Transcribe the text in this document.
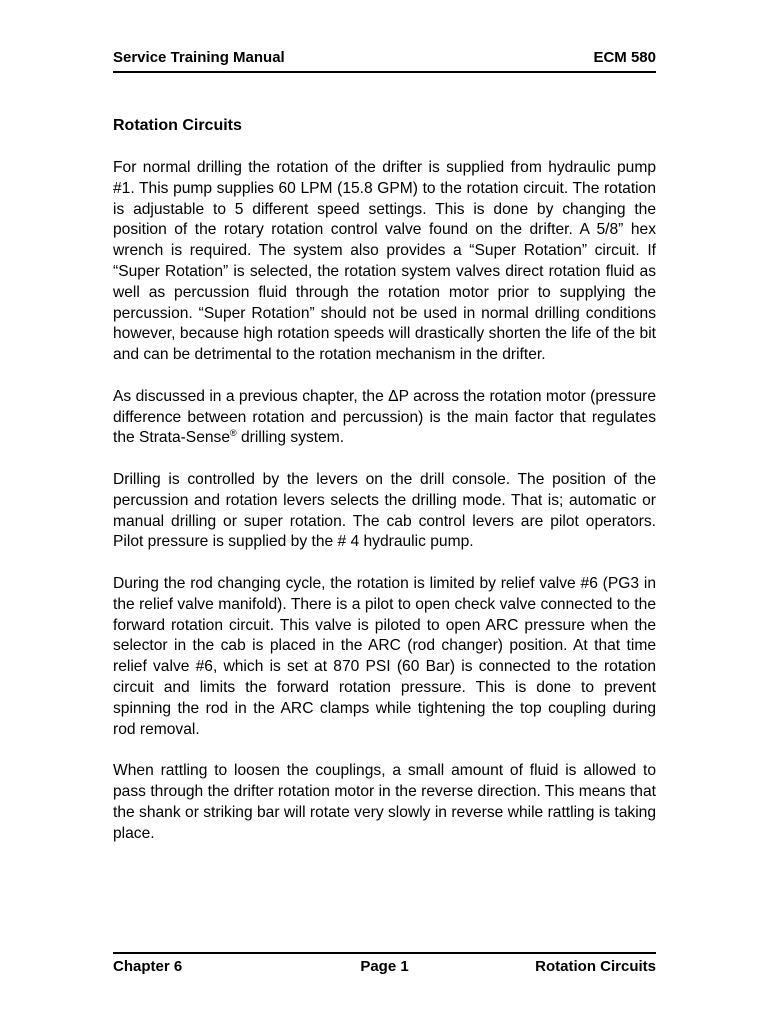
Service Training Manual	ECM 580
Rotation Circuits

For normal drilling the rotation of the drifter is supplied from hydraulic pump #1. This pump supplies 60 LPM (15.8 GPM) to the rotation circuit. The rotation is adjustable to 5 different speed settings. This is done by changing the position of the rotary rotation control valve found on the drifter. A 5/8” hex wrench is required. The system also provides a “Super Rotation” circuit. If “Super Rotation” is selected, the rotation system valves direct rotation fluid as well as percussion fluid through the rotation motor prior to supplying the percussion. “Super Rotation” should not be used in normal drilling conditions however, because high rotation speeds will drastically shorten the life of the bit and can be detrimental to the rotation mechanism in the drifter.

As discussed in a previous chapter, the ΔP across the rotation motor (pressure difference between rotation and percussion) is the main factor that regulates the Strata-Sense® drilling system.

Drilling is controlled by the levers on the drill console. The position of the percussion and rotation levers selects the drilling mode. That is; automatic or manual drilling or super rotation. The cab control levers are pilot operators. Pilot pressure is supplied by the # 4 hydraulic pump.

During the rod changing cycle, the rotation is limited by relief valve #6 (PG3 in the relief valve manifold). There is a pilot to open check valve connected to the forward rotation circuit. This valve is piloted to open ARC pressure when the selector in the cab is placed in the ARC (rod changer) position. At that time relief valve #6, which is set at 870 PSI (60 Bar) is connected to the rotation circuit and limits the forward rotation pressure. This is done to prevent spinning the rod in the ARC clamps while tightening the top coupling during rod removal.

When rattling to loosen the couplings, a small amount of fluid is allowed to pass through the drifter rotation motor in the reverse direction. This means that the shank or striking bar will rotate very slowly in reverse while rattling is taking place.

Chapter 6	Page 1	Rotation Circuits
